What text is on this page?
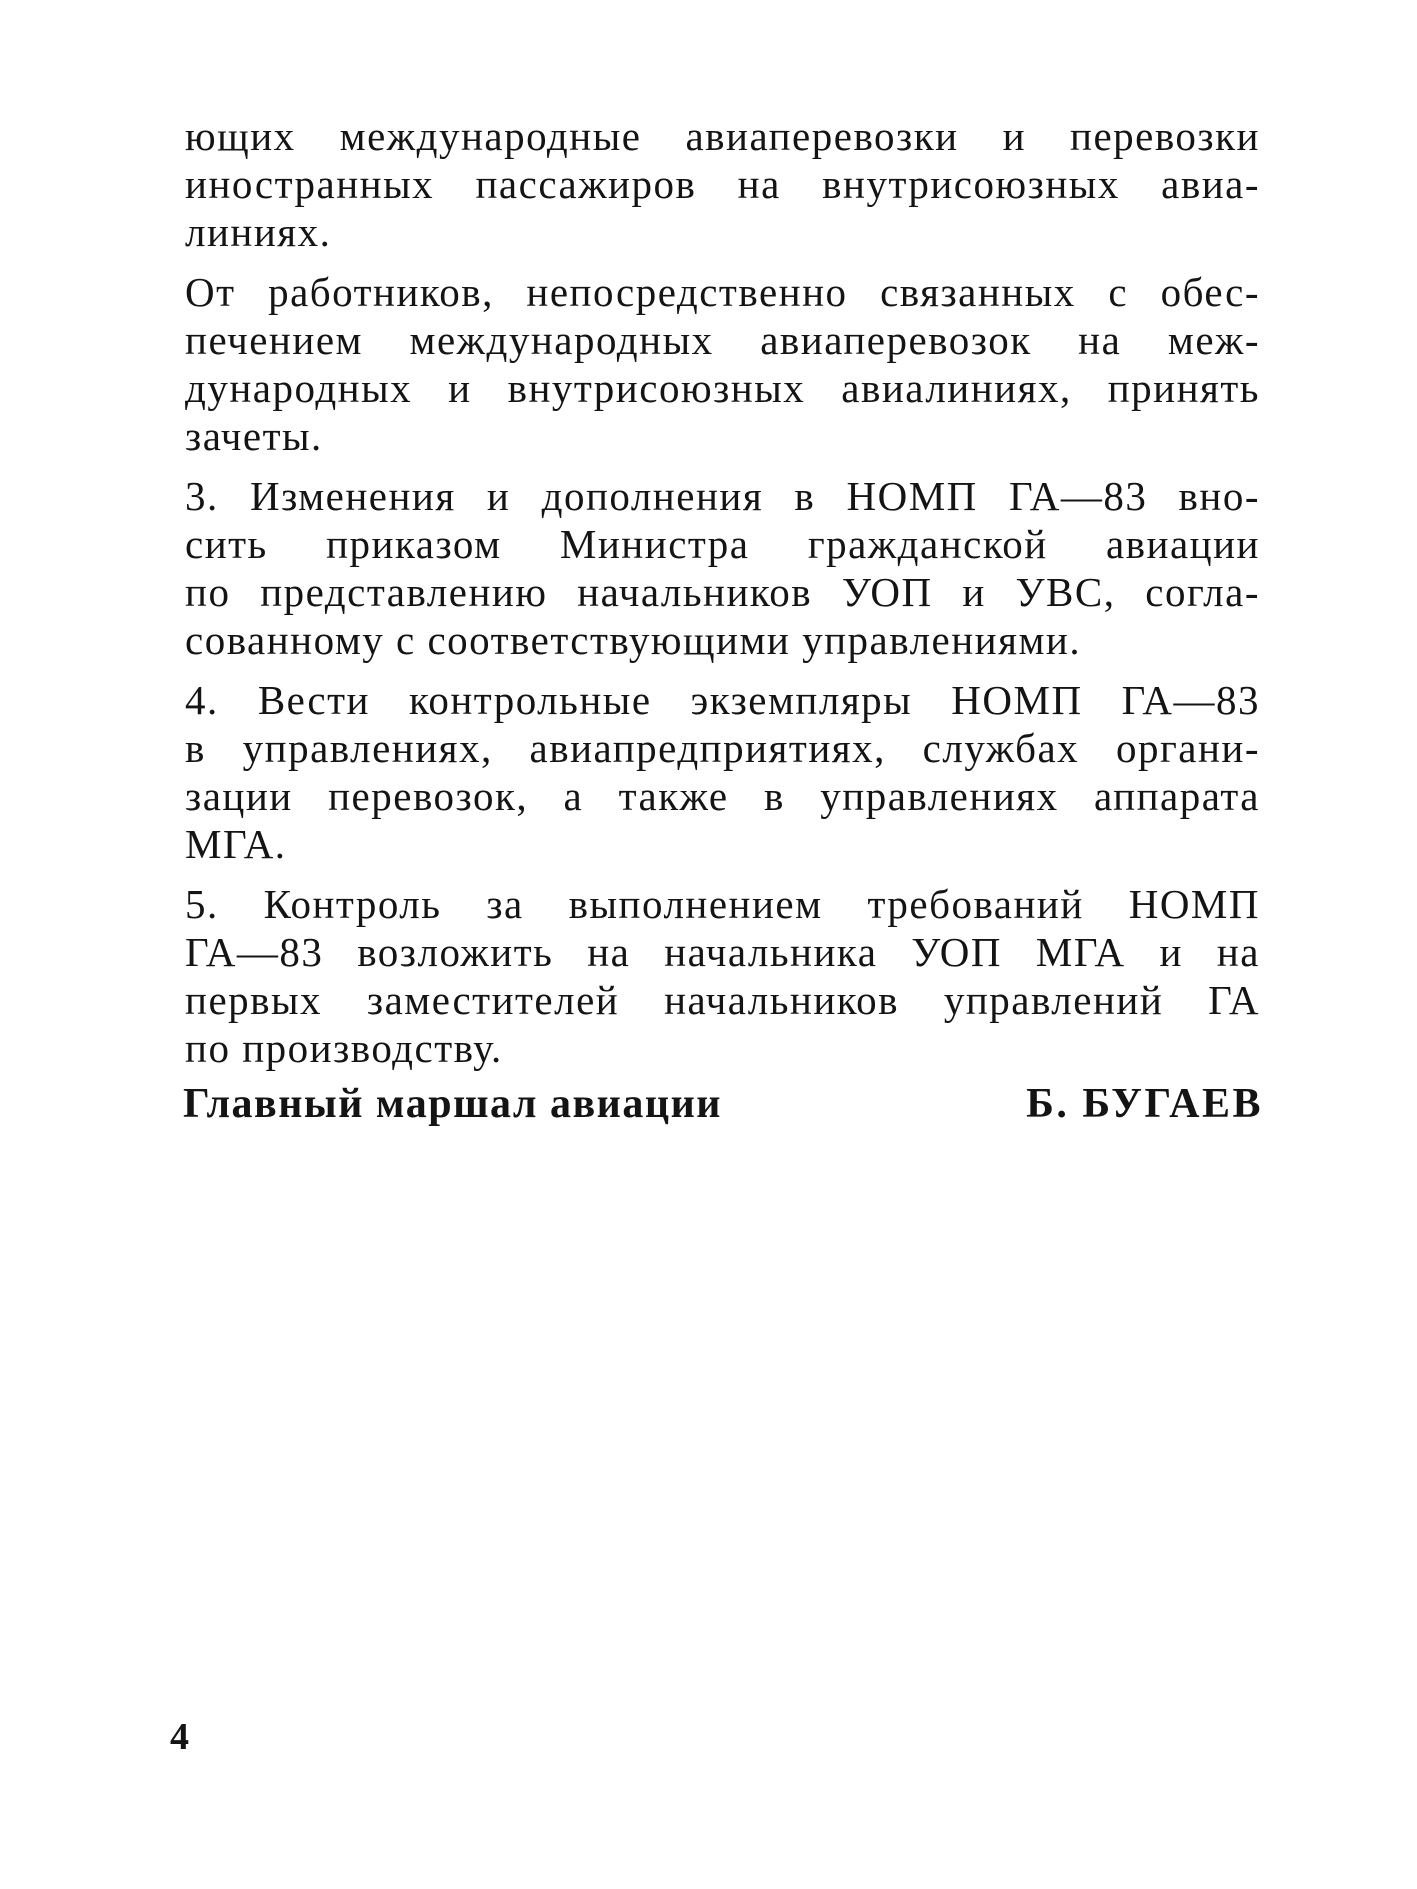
ющих международные авиаперевозки и перевозки
иностранных пассажиров на внутрисоюзных авиа-
линиях.

От работников, непосредственно связанных с обес-
печением международных авиаперевозок на меж-
дународных и внутрисоюзных авиалиниях, принять
зачеты.

3. Изменения и дополнения в НОМП ГА—83 вно-
сить приказом Министра гражданской авиации
по представлению начальников УОП и УВС, согла-
сованному с соответствующими управлениями.

4. Вести контрольные экземпляры НОМП ГА—83
в управлениях, авиапредприятиях, службах органи-
зации перевозок, а также в управлениях аппарата
МГА.

5. Контроль за выполнением требований НОМП
ГА—83 возложить на начальника УОП МГА и на
первых заместителей начальников управлений ГА
по производству.

Главный маршал авиации	Б. БУГАЕВ
4
